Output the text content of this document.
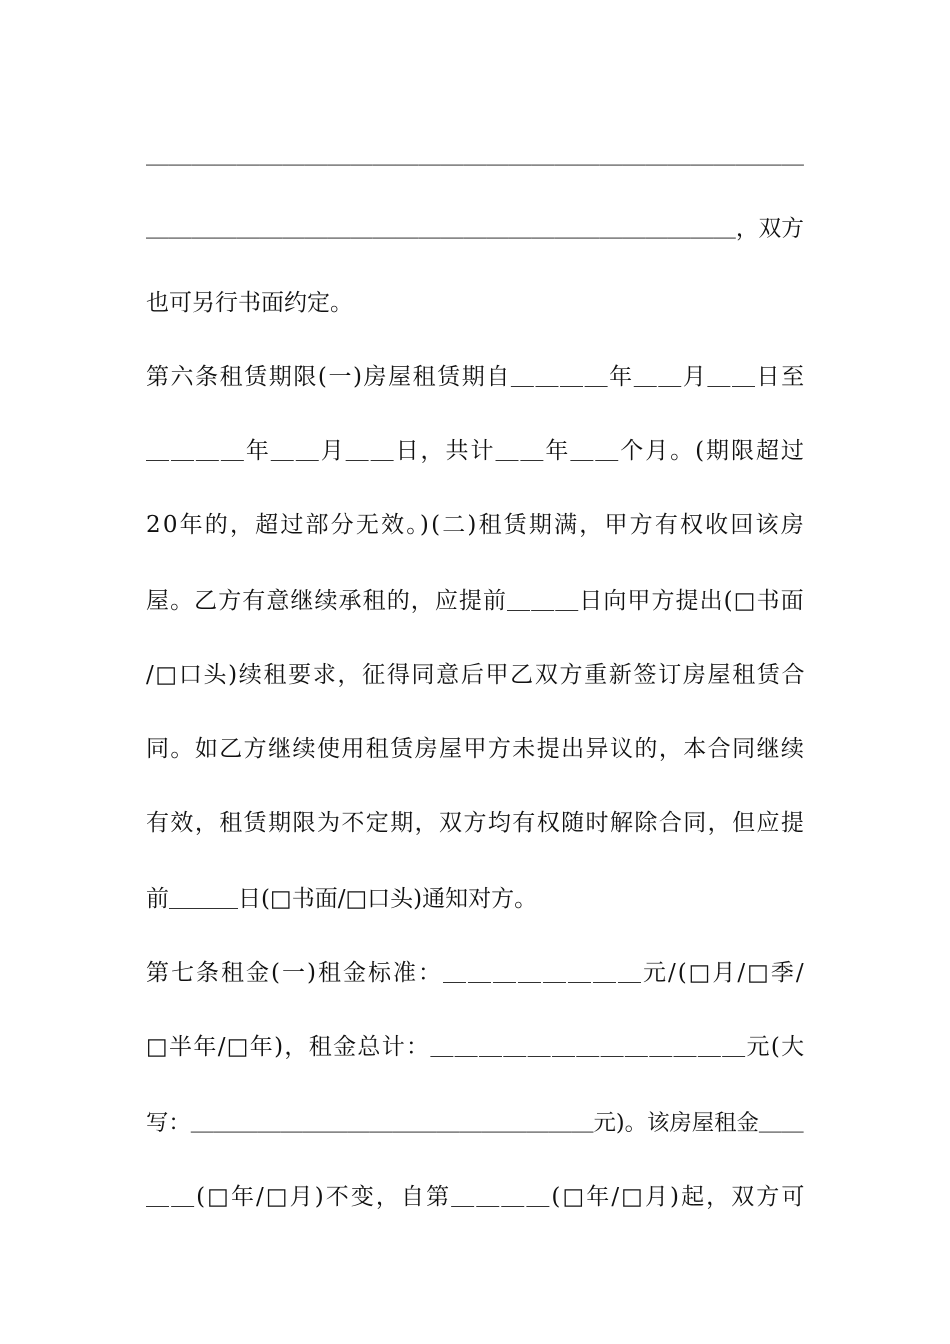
＿＿＿＿＿＿＿＿＿＿＿＿＿＿＿＿＿＿＿＿＿＿＿＿＿＿＿＿＿
＿＿＿＿＿＿＿＿＿＿＿＿＿＿＿＿＿＿＿＿＿＿＿＿＿＿，双方
也可另行书面约定。
第六条租赁期限(一)房屋租赁期自＿＿＿＿年＿＿月＿＿日至
＿＿＿＿年＿＿月＿＿日，共计＿＿年＿＿个月。(期限超过
20年的，超过部分无效。)(二)租赁期满，甲方有权收回该房
屋。乙方有意继续承租的，应提前＿＿＿日向甲方提出(□书面
/□口头)续租要求，征得同意后甲乙双方重新签订房屋租赁合
同。如乙方继续使用租赁房屋甲方未提出异议的，本合同继续
有效，租赁期限为不定期，双方均有权随时解除合同，但应提
前＿＿＿日(□书面/□口头)通知对方。
第七条租金(一)租金标准：＿＿＿＿＿＿＿＿元/(□月/□季/
□半年/□年)，租金总计：＿＿＿＿＿＿＿＿＿＿＿＿＿元(大
写：＿＿＿＿＿＿＿＿＿＿＿＿＿＿＿＿＿＿元)。该房屋租金＿＿
＿＿(□年/□月)不变，自第＿＿＿＿(□年/□月)起，双方可
